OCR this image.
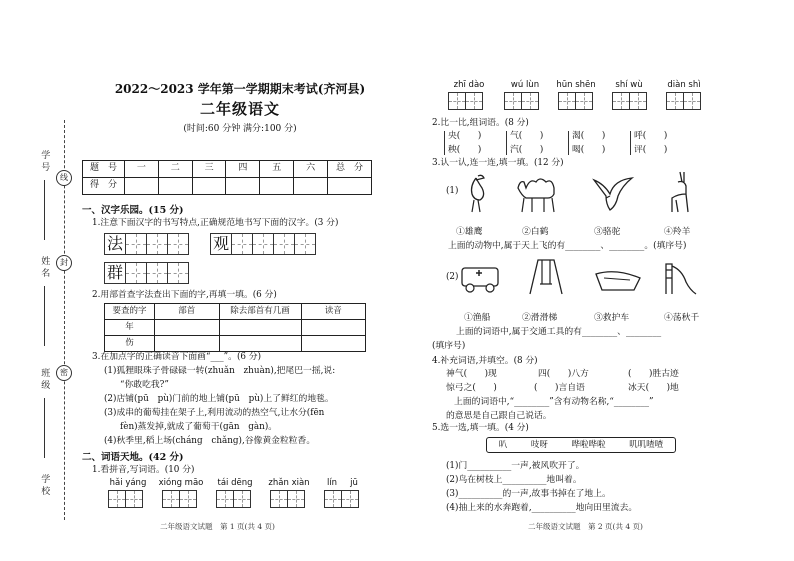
线
封
密
学 号
姓 名
班 级
学 校
2022～2023 学年第一学期期末考试(齐河县)
二年级语文
(时间:60 分钟 满分:100 分)
题　号	一	二	三	四	五	六	总　分
得　分							
一、汉字乐园。(15 分)
1.注意下面汉字的书写特点,正确规范地书写下面的汉字。(3 分)
法	观
群
2.用部首查字法查出下面的字,再填一填。(6 分)
要查的字	部首	除去部首有几画	读音
年			
伤			
3.在加点字的正确读音下面画“___”。(6 分)
(1)狐狸眼珠子骨碌碌一转(zhuǎn　zhuàn),把尾巴一摇,说:
“你敢吃我?”
(2)店铺(pū　pù)门前的地上铺(pū　pù)上了鲜红的地毯。
(3)成串的葡萄挂在架子上,利用流动的热空气,让水分(fēn
fèn)蒸发掉,就成了葡萄干(gān　gàn)。
(4)秋季里,稻上场(cháng　chǎng),谷像黄金粒粒香。
二、词语天地。(42 分)
1.看拼音,写词语。(10 分)
hǎi yáng xióng māo tái dēng zhǎn xiàn	lín	jū
二年级语文试题　第 1 页(共 4 页)
zhī dào	wú lùn	hūn shēn	shí wù	diàn shì
2.比一比,组词语。(8 分)
央(　　)	气(　　)	渴(　　)	呼(　　)
秧(　　)	汽(　　)	喝(　　)	评(　　)
3.认一认,连一连,填一填。(12 分)
(1)
①雄鹰	②白鹤	③骆驼	④羚羊
上面的动物中,属于天上飞的有________、________。(填序号)
(2)
①渔船	②滑滑梯	③救护车	④荡秋千
上面的词语中,属于交通工具的有________、________
(填序号)
4.补充词语,并填空。(8 分)
神气(　　)现	四(　　)八方	(　　)胜古迹
惊弓之(　　)	(　　)言自语	冰天(　　)地
上面的词语中,“________”含有动物名称,“________”
的意思是自己跟自己说话。
5.选一选,填一填。(4 分)
叭	吱呀	哗啦哗啦	叽叽喳喳
(1)门__________一声,被风吹开了。
(2)鸟在树枝上__________地叫着。
(3)__________的一声,故事书掉在了地上。
(4)抽上来的水奔跑着,__________地向田里流去。
二年级语文试题　第 2 页(共 4 页)
